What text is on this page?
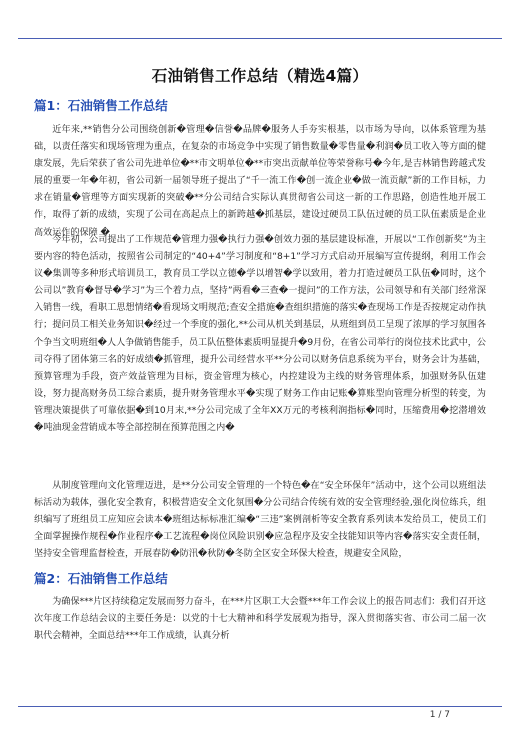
石油销售工作总结（精选4篇）
篇1：石油销售工作总结

近年来,**销售分公司围绕创新�管理�信誉�品牌�服务人手夯实根基，以市场为导向，以体系管理为基础，以责任落实和现场管理为重点，在复杂的市场竞争中实现了销售数量�零售量�利润�员工收入等方面的健康发展，先后荣获了省公司先进单位�**市文明单位�**市突出贡献单位等荣誉称号�今年,是吉林销售跨越式发展的重要一年�年初，省公司新一届领导班子提出了“千一流工作�创一流企业�做一流贡献”新的工作目标，力求在销量�管理等方面实现新的突破�**分公司结合实际认真贯彻省公司这一新的工作思路，创造性地开展工作，取得了新的成绩，实现了公司在高起点上的新跨越�抓基层，建设过硬员工队伍过硬的员工队伍素质是企业高效运作的保障 �

今年初，公司提出了工作规范�管理力强�执行力强�创效力强的基层建设标准，开展以“工作创新奖”为主要内容的特色活动，按照省公司制定的“40+4”学习制度和“8+1”学习方式启动开展编写宣传提纲，利用工作会议�集训等多种形式培训员工，教育员工学以立德�学以增智�学以致用，着力打造过硬员工队伍�同时，这个公司以”教育�督导�学习”为三个着力点，坚持”两看�三查�一提问”的工作方法，公司领导和有关部门经常深入销售一线，看职工思想情绪�看现场文明规范;查安全措施�查组织措施的落实�查现场工作是否按规定动作执行；提问员工相关业务知识�经过一个季度的强化,**公司从机关到基层，从班组到员工呈现了浓厚的学习氛围各个争当文明班组�人人争做销售能手，员工队伍整体素质明显提升�9月份，在省公司举行的岗位技术比武中，公司夺得了团体第三名的好成绩�抓管理，提升公司经营水平**分公司以财务信息系统为平台，财务会计为基础，预算管理为手段，资产效益管理为目标，资金管理为核心，内控建设为主线的财务管理体系，加强财务队伍建设，努力提高财务员工综合素质，提升财务管理水平�实现了财务工作由记账�算账型向管理分析型的转变，为管理决策提供了可靠依据�到10月末,**分公司完成了全年XX万元的考核利润指标�同时，压缩费用�挖潜增效�吨油现金营销成本等全部控制在预算范围之内�

从制度管理向文化管理迈进，是**分公司安全管理的一个特色�在“安全环保年”活动中，这个公司以班组法标活动为载体，强化安全教育，积极营造安全文化氛围�分公司结合传统有效的安全管理经验,强化岗位练兵，组织编写了班组员工应知应会读本�班组达标标准汇编�“三违”案例剖析等安全教育系列读本发给员工，使员工们全面掌握操作规程�作业程序�工艺流程�岗位风险识别�应急程序及安全技能知识等内容�落实安全责任制，坚持安全管理监督检查，开展春防�防汛�秋防�冬防全区安全环保大检查，规避安全风险，

篇2：石油销售工作总结

为确保***片区持续稳定发展而努力奋斗，在***片区职工大会暨***年工作会议上的报告同志们：我们召开这次年度工作总结会议的主要任务是：以党的十七大精神和科学发展观为指导，深入贯彻落实省、市公司二届一次职代会精神，全面总结***年工作成绩，认真分析

1 / 7
